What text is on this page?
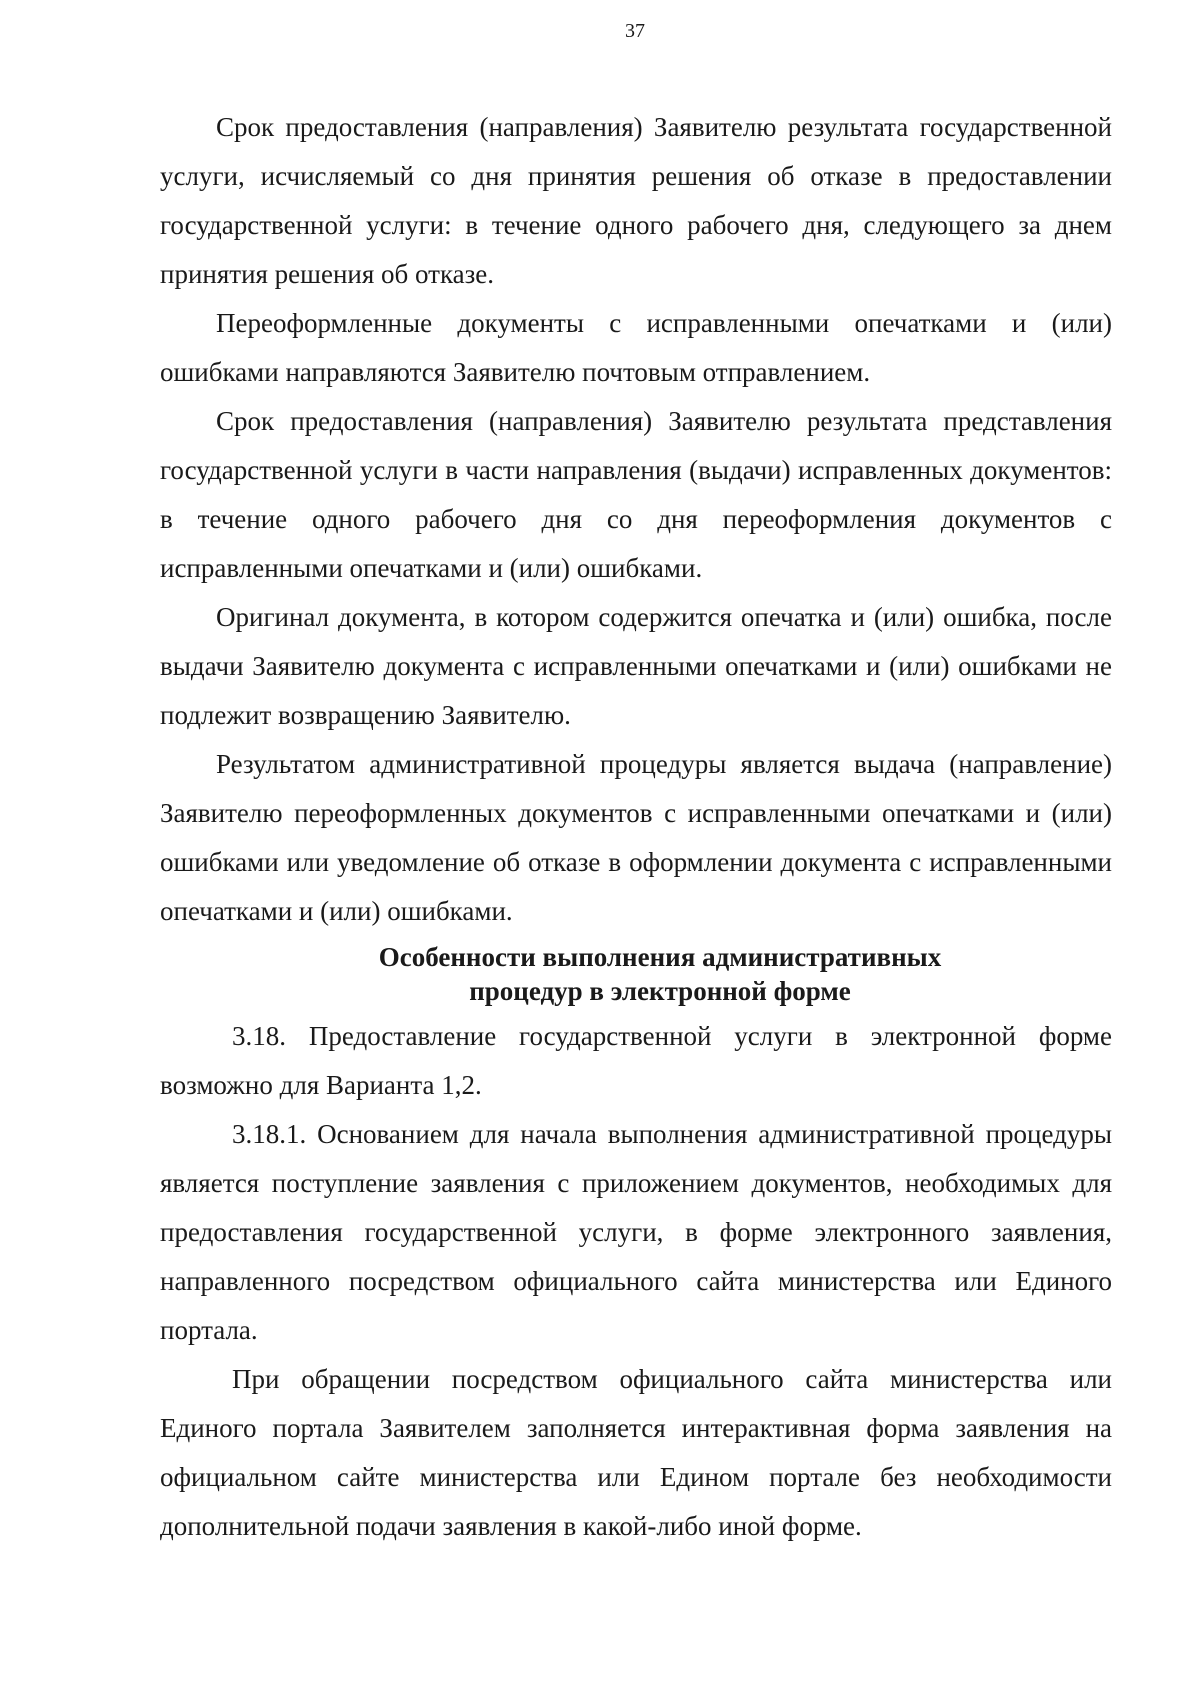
37

Срок предоставления (направления) Заявителю результата государственной услуги, исчисляемый со дня принятия решения об отказе в предоставлении государственной услуги: в течение одного рабочего дня, следующего за днем принятия решения об отказе.

Переоформленные документы с исправленными опечатками и (или) ошибками направляются Заявителю почтовым отправлением.

Срок предоставления (направления) Заявителю результата представления государственной услуги в части направления (выдачи) исправленных документов: в течение одного рабочего дня со дня переоформления документов с исправленными опечатками и (или) ошибками.

Оригинал документа, в котором содержится опечатка и (или) ошибка, после выдачи Заявителю документа с исправленными опечатками и (или) ошибками не подлежит возвращению Заявителю.

Результатом административной процедуры является выдача (направление) Заявителю переоформленных документов с исправленными опечатками и (или) ошибками или уведомление об отказе в оформлении документа с исправленными опечатками и (или) ошибками.

Особенности выполнения административных
процедур в электронной форме

3.18. Предоставление государственной услуги в электронной форме возможно для Варианта 1,2.

3.18.1. Основанием для начала выполнения административной процедуры является поступление заявления с приложением документов, необходимых для предоставления государственной услуги, в форме электронного заявления, направленного посредством официального сайта министерства или Единого портала.

При обращении посредством официального сайта министерства или Единого портала Заявителем заполняется интерактивная форма заявления на официальном сайте министерства или Едином портале без необходимости дополнительной подачи заявления в какой-либо иной форме.
